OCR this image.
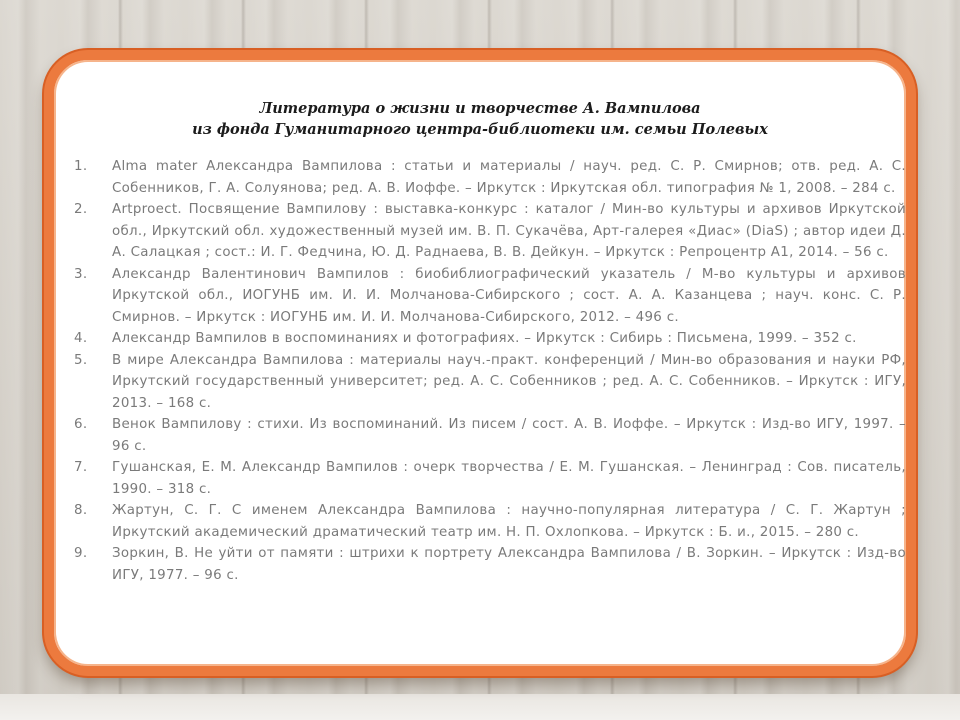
Литература о жизни и творчестве А. Вампилова
из фонда Гуманитарного центра-библиотеки им. семьи Полевых
1.	Alma mater Александра Вампилова : статьи и материалы / науч. ред. С. Р. Смирнов; отв. ред. А. С. Собенников, Г. А. Солуянова; ред. А. В. Иоффе. – Иркутск : Иркутская обл. типография № 1, 2008. – 284 с.
2.	Artproect. Посвящение Вампилову : выставка-конкурс : каталог / Мин-во культуры и архивов Иркутской обл., Иркутский обл. художественный музей им. В. П. Сукачёва, Арт-галерея «Диас» (DiaS) ; автор идеи Д. А. Салацкая ; сост.: И. Г. Федчина, Ю. Д. Раднаева, В. В. Дейкун. – Иркутск : Репроцентр А1, 2014. – 56 с.
3.	Александр Валентинович Вампилов : биобиблиографический указатель / М-во культуры и архивов Иркутской обл., ИОГУНБ им. И. И. Молчанова-Сибирского ; сост. А. А. Казанцева ; науч. конс. С. Р. Смирнов. – Иркутск : ИОГУНБ им. И. И. Молчанова-Сибирского, 2012. – 496 с.
4.	Александр Вампилов в воспоминаниях и фотографиях. – Иркутск : Сибирь : Письмена, 1999. – 352 с.
5.	В мире Александра Вампилова : материалы науч.-практ. конференций / Мин-во образования и науки РФ, Иркутский государственный университет; ред. А. С. Собенников ; ред. А. С. Собенников. – Иркутск : ИГУ, 2013. – 168 с.
6.	Венок Вампилову : стихи. Из воспоминаний. Из писем / сост. А. В. Иоффе. – Иркутск : Изд-во ИГУ, 1997. – 96 с.
7.	Гушанская, Е. М. Александр Вампилов : очерк творчества / Е. М. Гушанская. – Ленинград : Сов. писатель, 1990. – 318 с.
8.	Жартун, С. Г. С именем Александра Вампилова : научно-популярная литература / С. Г. Жартун ; Иркутский академический драматический театр им. Н. П. Охлопкова. – Иркутск : Б. и., 2015. – 280 с.
9.	Зоркин, В. Не уйти от памяти : штрихи к портрету Александра Вампилова / В. Зоркин. – Иркутск : Изд-во ИГУ, 1977. – 96 с.
